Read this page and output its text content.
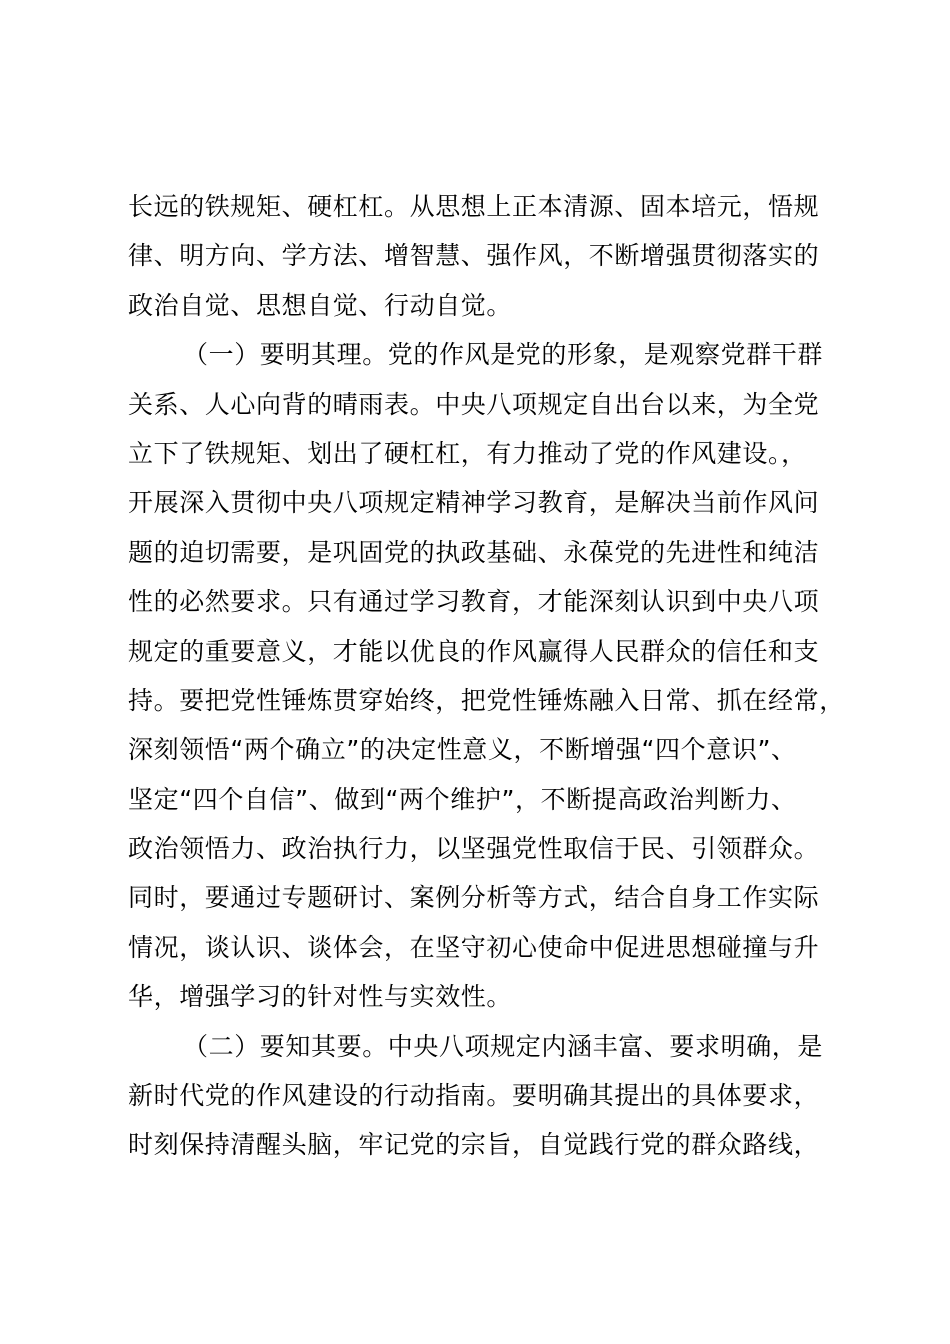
长远的铁规矩、硬杠杠。从思想上正本清源、固本培元，悟规
律、明方向、学方法、增智慧、强作风，不断增强贯彻落实的
政治自觉、思想自觉、行动自觉。
（一）要明其理。党的作风是党的形象，是观察党群干群
关系、人心向背的晴雨表。中央八项规定自出台以来，为全党
立下了铁规矩、划出了硬杠杠，有力推动了党的作风建设。，
开展深入贯彻中央八项规定精神学习教育，是解决当前作风问
题的迫切需要，是巩固党的执政基础、永葆党的先进性和纯洁
性的必然要求。只有通过学习教育，才能深刻认识到中央八项
规定的重要意义，才能以优良的作风赢得人民群众的信任和支
持。要把党性锤炼贯穿始终，把党性锤炼融入日常、抓在经常，
深刻领悟“两个确立”的决定性意义，不断增强“四个意识”、
坚定“四个自信”、做到“两个维护”，不断提高政治判断力、
政治领悟力、政治执行力，以坚强党性取信于民、引领群众。
同时，要通过专题研讨、案例分析等方式，结合自身工作实际
情况，谈认识、谈体会，在坚守初心使命中促进思想碰撞与升
华，增强学习的针对性与实效性。
（二）要知其要。中央八项规定内涵丰富、要求明确，是
新时代党的作风建设的行动指南。要明确其提出的具体要求，
时刻保持清醒头脑，牢记党的宗旨，自觉践行党的群众路线，
